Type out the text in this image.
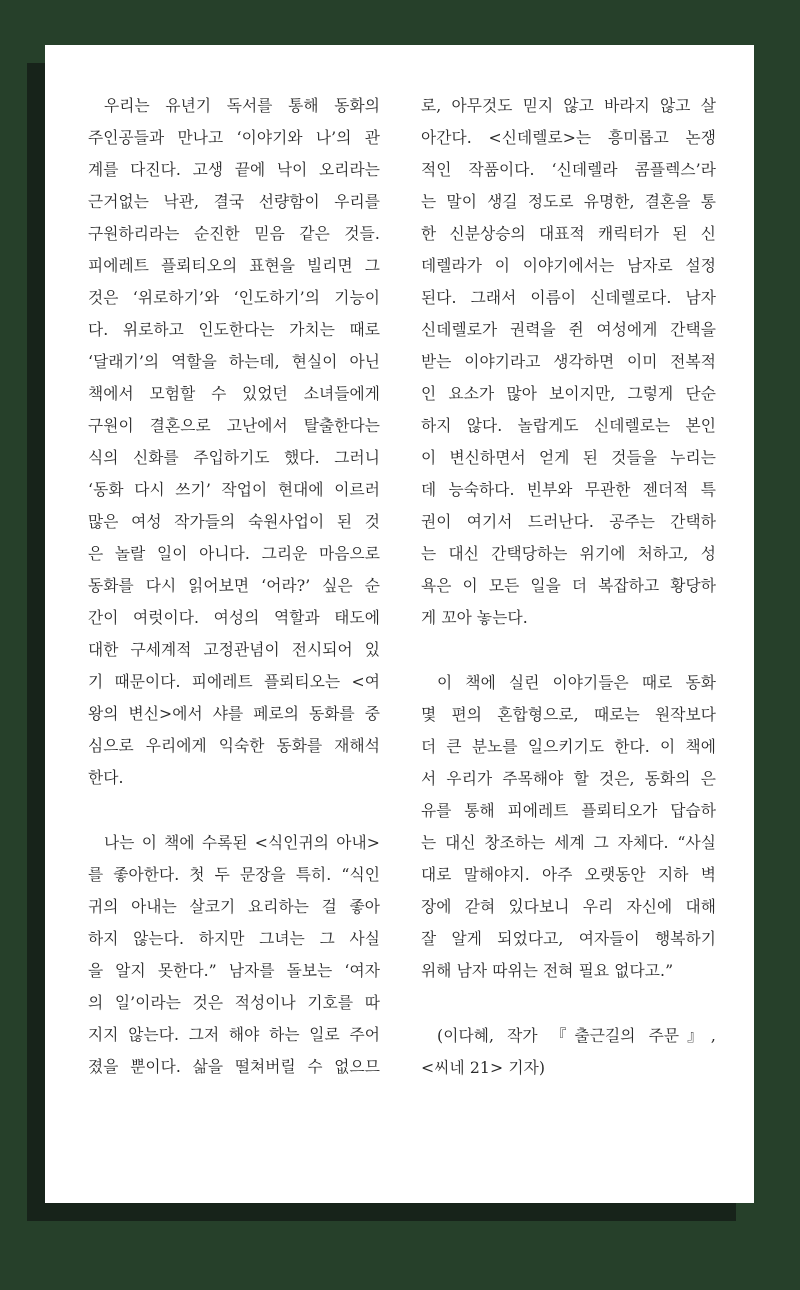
우리는 유년기 독서를 통해 동화의
주인공들과 만나고 ‘이야기와 나’의 관
계를 다진다. 고생 끝에 낙이 오리라는
근거없는 낙관, 결국 선량함이 우리를
구원하리라는 순진한 믿음 같은 것들.
피에레트 플뢰티오의 표현을 빌리면 그
것은 ‘위로하기’와 ‘인도하기’의 기능이
다. 위로하고 인도한다는 가치는 때로
‘달래기’의 역할을 하는데, 현실이 아닌
책에서 모험할 수 있었던 소녀들에게
구원이 결혼으로 고난에서 탈출한다는
식의 신화를 주입하기도 했다. 그러니
‘동화 다시 쓰기’ 작업이 현대에 이르러
많은 여성 작가들의 숙원사업이 된 것
은 놀랄 일이 아니다. 그리운 마음으로
동화를 다시 읽어보면 ‘어라?’ 싶은 순
간이 여럿이다. 여성의 역할과 태도에
대한 구세계적 고정관념이 전시되어 있
기 때문이다. 피에레트 플뢰티오는 <여
왕의 변신>에서 샤를 페로의 동화를 중
심으로 우리에게 익숙한 동화를 재해석
한다.
나는 이 책에 수록된 <식인귀의 아내>
를 좋아한다. 첫 두 문장을 특히. “식인
귀의 아내는 살코기 요리하는 걸 좋아
하지 않는다. 하지만 그녀는 그 사실
을 알지 못한다.” 남자를 돌보는 ‘여자
의 일’이라는 것은 적성이나 기호를 따
지지 않는다. 그저 해야 하는 일로 주어
졌을 뿐이다. 삶을 떨쳐버릴 수 없으므
로, 아무것도 믿지 않고 바라지 않고 살
아간다. <신데렐로>는 흥미롭고 논쟁
적인 작품이다. ‘신데렐라 콤플렉스’라
는 말이 생길 정도로 유명한, 결혼을 통
한 신분상승의 대표적 캐릭터가 된 신
데렐라가 이 이야기에서는 남자로 설정
된다. 그래서 이름이 신데렐로다. 남자
신데렐로가 권력을 쥔 여성에게 간택을
받는 이야기라고 생각하면 이미 전복적
인 요소가 많아 보이지만, 그렇게 단순
하지 않다. 놀랍게도 신데렐로는 본인
이 변신하면서 얻게 된 것들을 누리는
데 능숙하다. 빈부와 무관한 젠더적 특
권이 여기서 드러난다. 공주는 간택하
는 대신 간택당하는 위기에 처하고, 성
욕은 이 모든 일을 더 복잡하고 황당하
게 꼬아 놓는다.
이 책에 실린 이야기들은 때로 동화
몇 편의 혼합형으로, 때로는 원작보다
더 큰 분노를 일으키기도 한다. 이 책에
서 우리가 주목해야 할 것은, 동화의 은
유를 통해 피에레트 플뢰티오가 답습하
는 대신 창조하는 세계 그 자체다. “사실
대로 말해야지. 아주 오랫동안 지하 벽
장에 갇혀 있다보니 우리 자신에 대해
잘 알게 되었다고, 여자들이 행복하기
위해 남자 따위는 전혀 필요 없다고.”
(이다혜, 작가 『출근길의 주문』,
<씨네 21> 기자)
